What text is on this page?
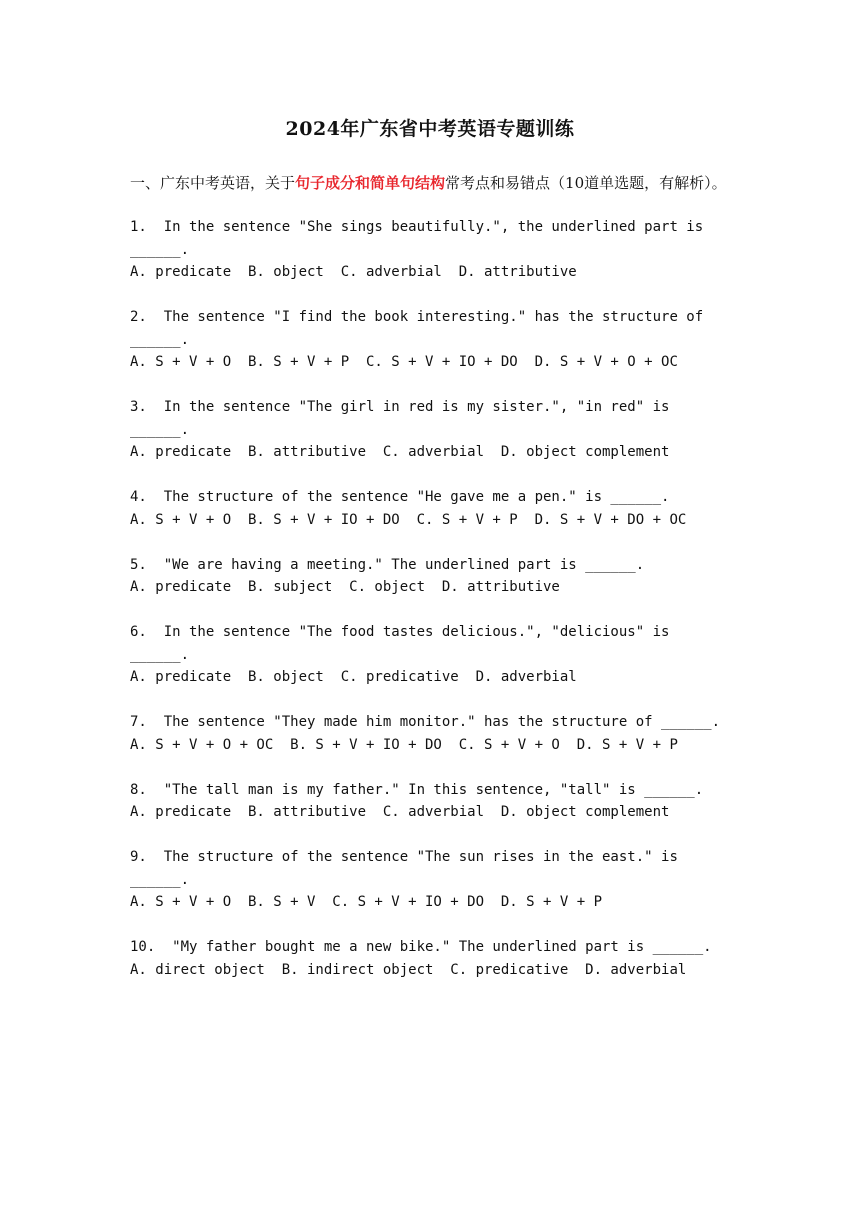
2024年广东省中考英语专题训练
一、广东中考英语，关于句子成分和简单句结构常考点和易错点（10道单选题，有解析）。
1.  In the sentence "She sings beautifully.", the underlined part is ______.
A. predicate  B. object  C. adverbial  D. attributive
2.  The sentence "I find the book interesting." has the structure of ______.
A. S + V + O  B. S + V + P  C. S + V + IO + DO  D. S + V + O + OC
3.  In the sentence "The girl in red is my sister.", "in red" is ______.
A. predicate  B. attributive  C. adverbial  D. object complement
4.  The structure of the sentence "He gave me a pen." is ______.
A. S + V + O  B. S + V + IO + DO  C. S + V + P  D. S + V + DO + OC
5.  "We are having a meeting." The underlined part is ______.
A. predicate  B. subject  C. object  D. attributive
6.  In the sentence "The food tastes delicious.", "delicious" is ______.
A. predicate  B. object  C. predicative  D. adverbial
7.  The sentence "They made him monitor." has the structure of ______.
A. S + V + O + OC  B. S + V + IO + DO  C. S + V + O  D. S + V + P
8.  "The tall man is my father." In this sentence, "tall" is ______.
A. predicate  B. attributive  C. adverbial  D. object complement
9.  The structure of the sentence "The sun rises in the east." is ______.
A. S + V + O  B. S + V  C. S + V + IO + DO  D. S + V + P
10.  "My father bought me a new bike." The underlined part is ______.
A. direct object  B. indirect object  C. predicative  D. adverbial
